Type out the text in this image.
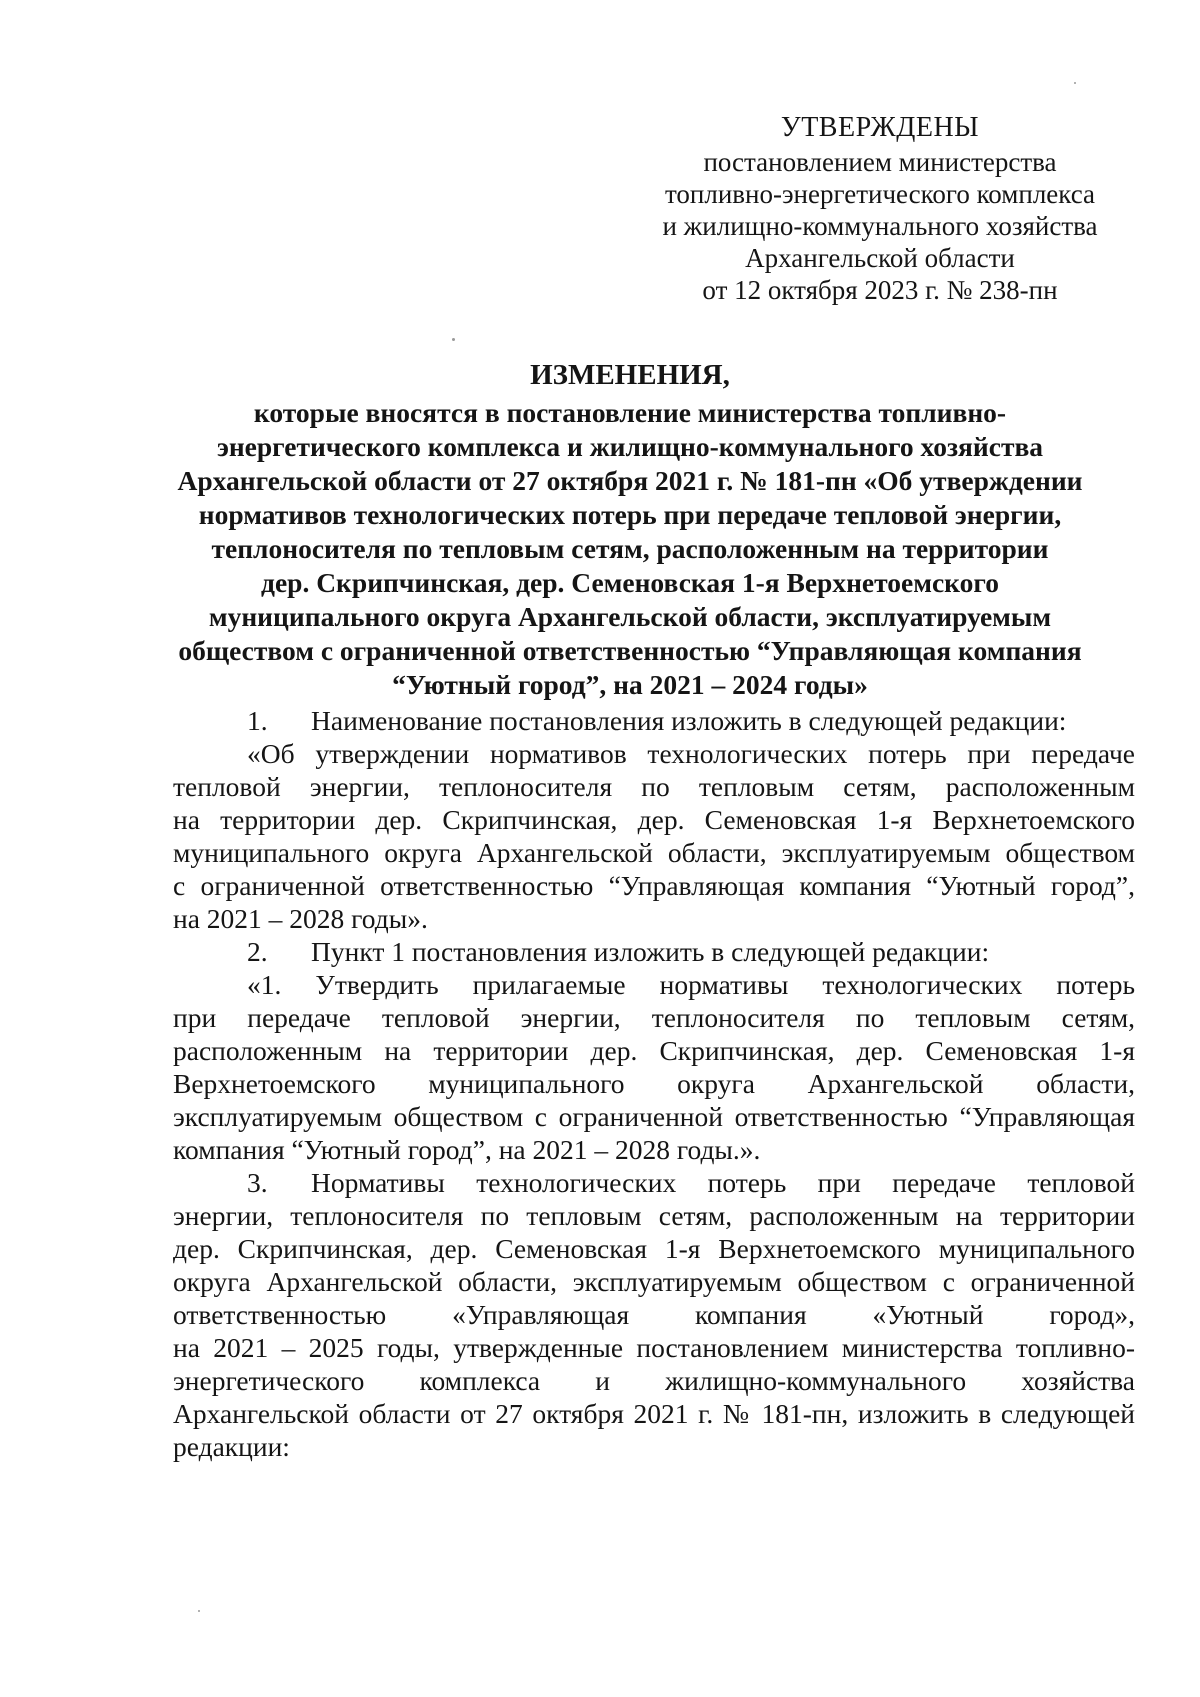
УТВЕРЖДЕНЫ
постановлением министерства
топливно-энергетического комплекса
и жилищно-коммунального хозяйства
Архангельской области
от 12 октября 2023 г. № 238-пн
ИЗМЕНЕНИЯ,
которые вносятся в постановление министерства топливно-
энергетического комплекса и жилищно-коммунального хозяйства
Архангельской области от 27 октября 2021 г. № 181-пн «Об утверждении
нормативов технологических потерь при передаче тепловой энергии,
теплоносителя по тепловым сетям, расположенным на территории
дер. Скрипчинская, дер. Семеновская 1-я Верхнетоемского
муниципального округа Архангельской области, эксплуатируемым
обществом с ограниченной ответственностью “Управляющая компания
“Уютный город”, на 2021 – 2024 годы»
1. Наименование постановления изложить в следующей редакции:
«Об утверждении нормативов технологических потерь при передаче
тепловой энергии, теплоносителя по тепловым сетям, расположенным
на территории дер. Скрипчинская, дер. Семеновская 1-я Верхнетоемского
муниципального округа Архангельской области, эксплуатируемым обществом
с ограниченной ответственностью “Управляющая компания “Уютный город”,
на 2021 – 2028 годы».
2. Пункт 1 постановления изложить в следующей редакции:
«1. Утвердить прилагаемые нормативы технологических потерь
при передаче тепловой энергии, теплоносителя по тепловым сетям,
расположенным на территории дер. Скрипчинская, дер. Семеновская 1-я
Верхнетоемского муниципального округа Архангельской области,
эксплуатируемым обществом с ограниченной ответственностью “Управляющая
компания “Уютный город”, на 2021 – 2028 годы.».
3. Нормативы технологических потерь при передаче тепловой
энергии, теплоносителя по тепловым сетям, расположенным на территории
дер. Скрипчинская, дер. Семеновская 1-я Верхнетоемского муниципального
округа Архангельской области, эксплуатируемым обществом с ограниченной
ответственностью «Управляющая компания «Уютный город»,
на 2021 – 2025 годы, утвержденные постановлением министерства топливно-
энергетического комплекса и жилищно-коммунального хозяйства
Архангельской области от 27 октября 2021 г. № 181-пн, изложить в следующей
редакции:
